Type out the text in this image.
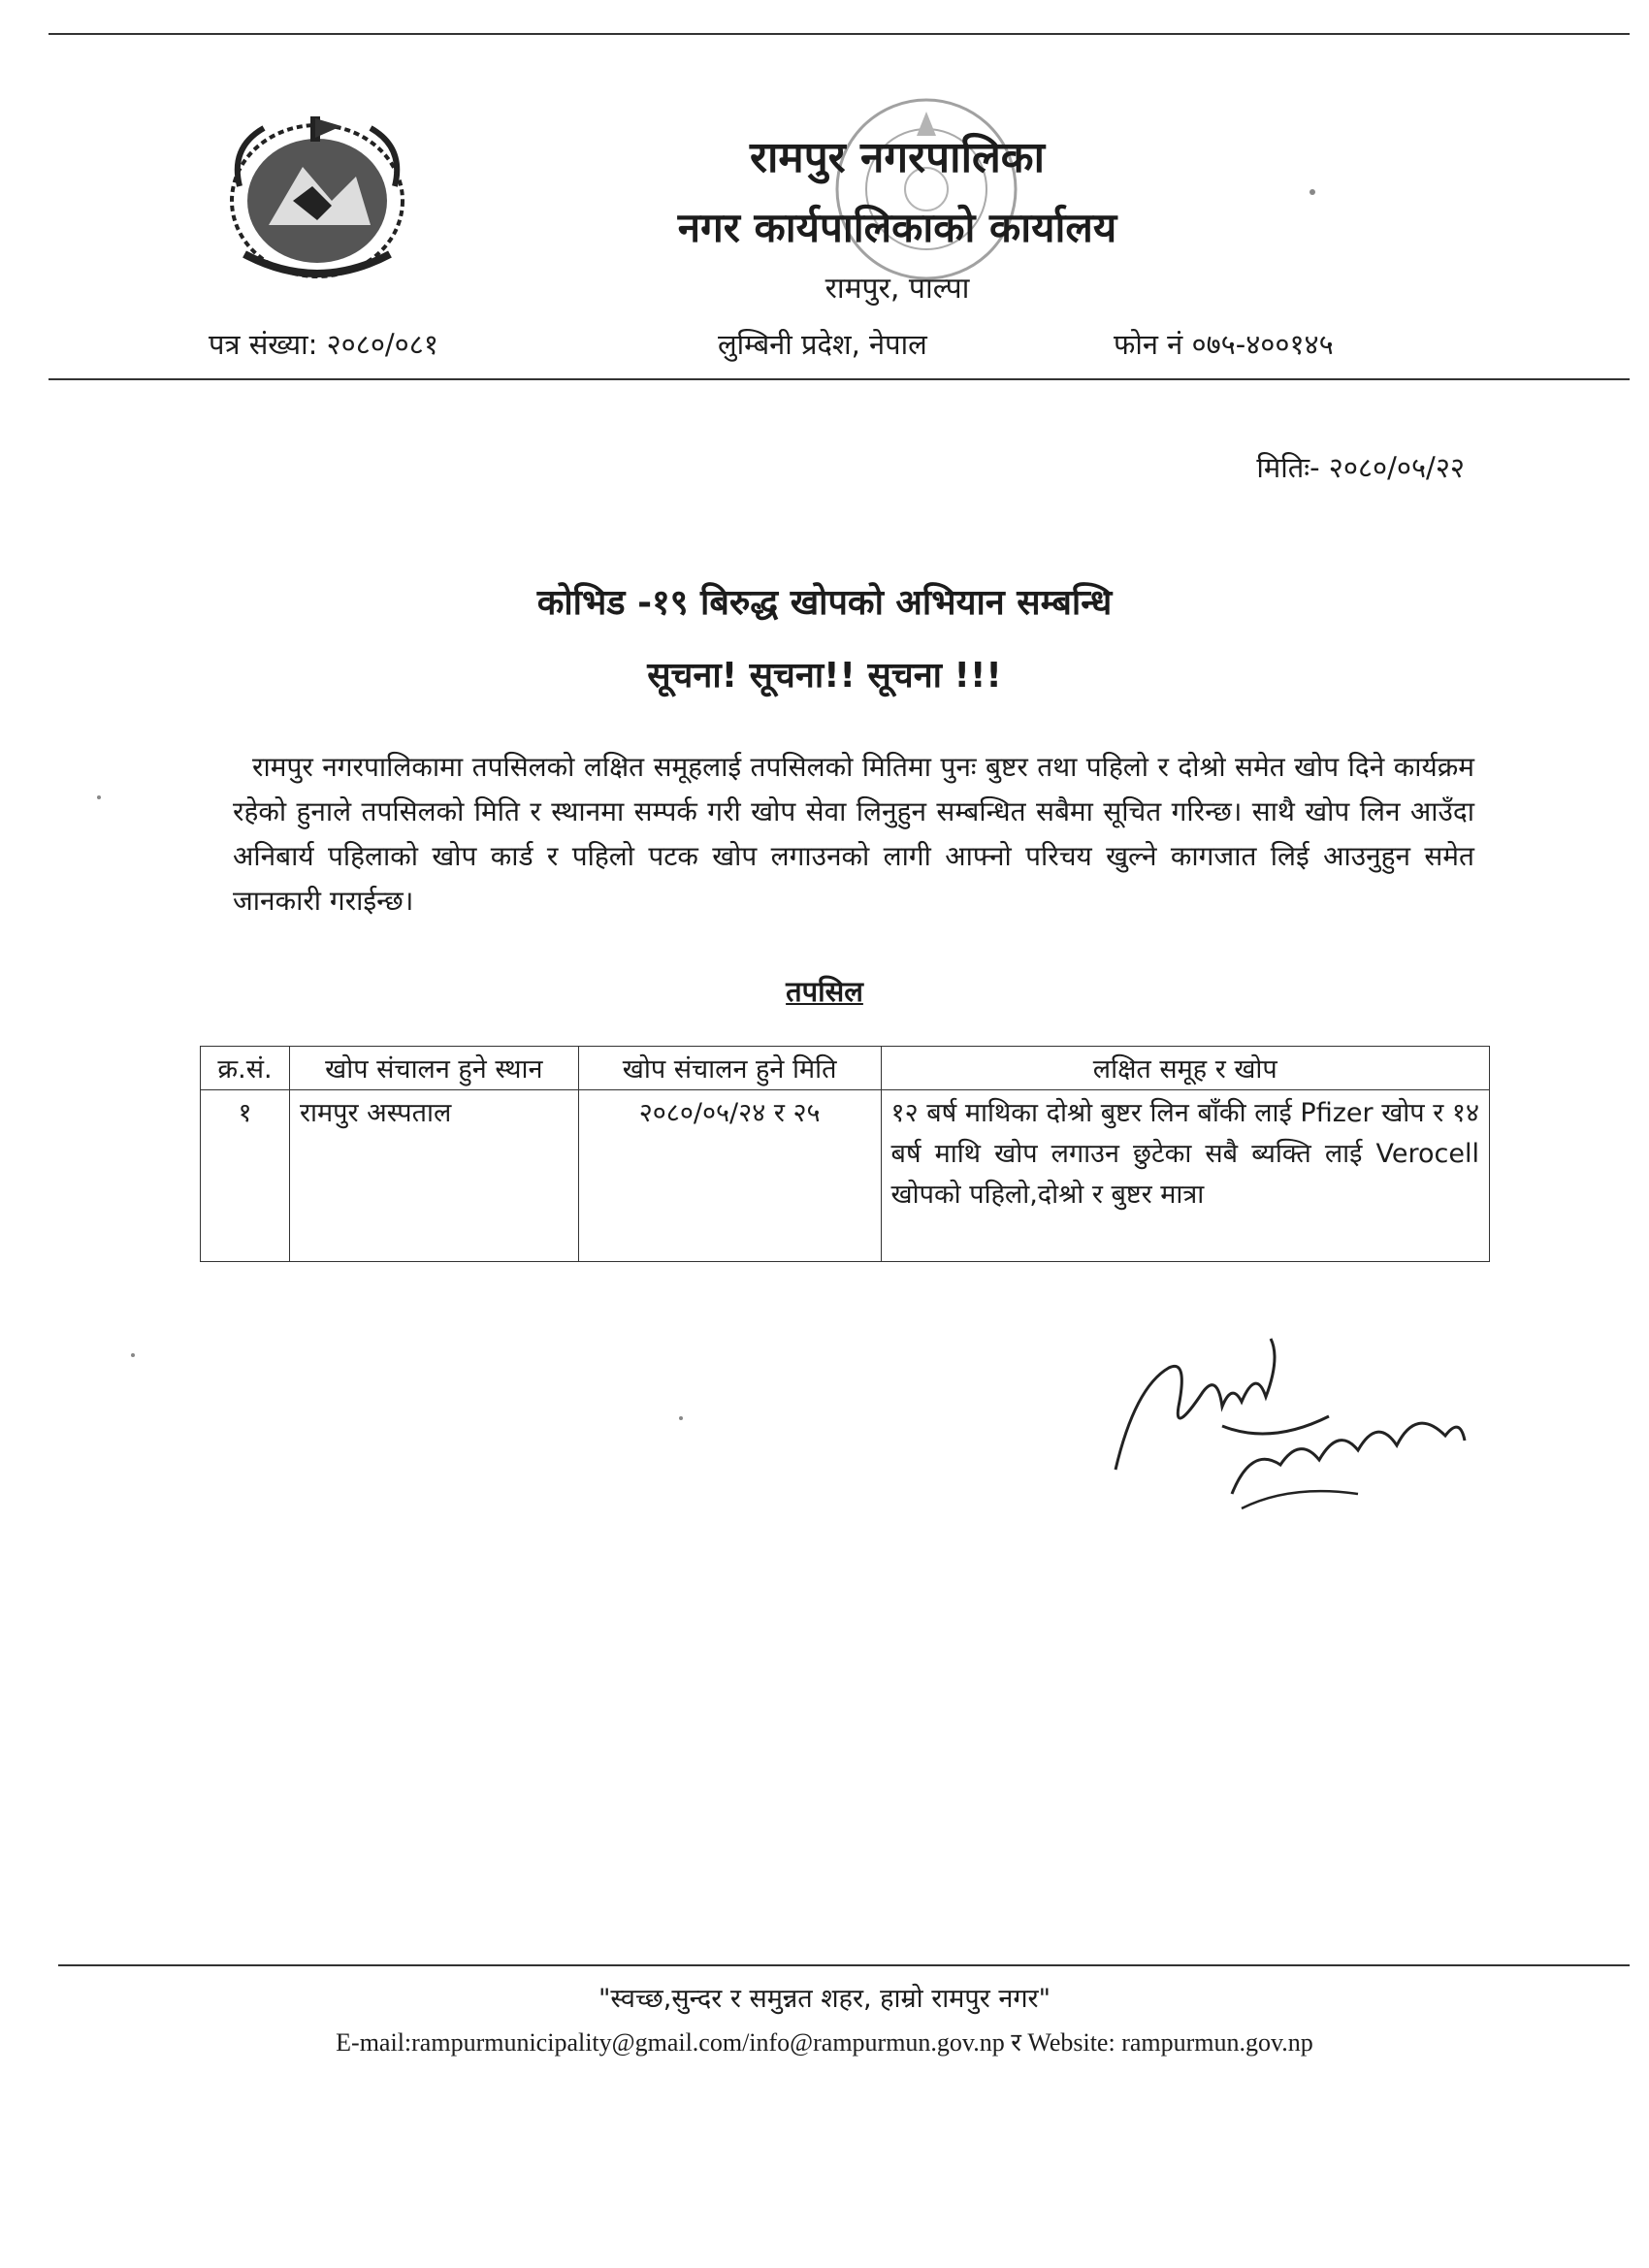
रामपुर नगरपालिका
नगर कार्यपालिकाको कार्यालय
रामपुर, पाल्पा
पत्र संख्या: २०८०/०८१	लुम्बिनी प्रदेश, नेपाल	फोन नं ०७५-४००१४५
मितिः- २०८०/०५/२२
कोभिड -१९ बिरुद्ध खोपको अभियान सम्बन्धि
सूचना! सूचना!! सूचना !!!
रामपुर नगरपालिकामा तपसिलको लक्षित समूहलाई तपसिलको मितिमा पुनः बुष्टर तथा पहिलो र दोश्रो समेत खोप दिने कार्यक्रम रहेको हुनाले तपसिलको मिति र स्थानमा सम्पर्क गरी खोप सेवा लिनुहुन सम्बन्धित सबैमा सूचित गरिन्छ। साथै खोप लिन आउँदा अनिबार्य पहिलाको खोप कार्ड र पहिलो पटक खोप लगाउनको लागी आफ्नो परिचय खुल्ने कागजात लिई आउनुहुन समेत जानकारी गराईन्छ।
तपसिल
क्र.सं.	खोप संचालन हुने स्थान	खोप संचालन हुने मिति	लक्षित समूह र खोप
१	रामपुर अस्पताल	२०८०/०५/२४ र २५	१२ बर्ष माथिका दोश्रो बुष्टर लिन बाँकी लाई Pfizer खोप र १४ बर्ष माथि खोप लगाउन छुटेका सबै ब्यक्ति लाई Verocell खोपको पहिलो,दोश्रो र बुष्टर मात्रा
"स्वच्छ,सुन्दर र समुन्नत शहर, हाम्रो रामपुर नगर"
E-mail:rampurmunicipality@gmail.com/info@rampurmun.gov.np र Website: rampurmun.gov.np
